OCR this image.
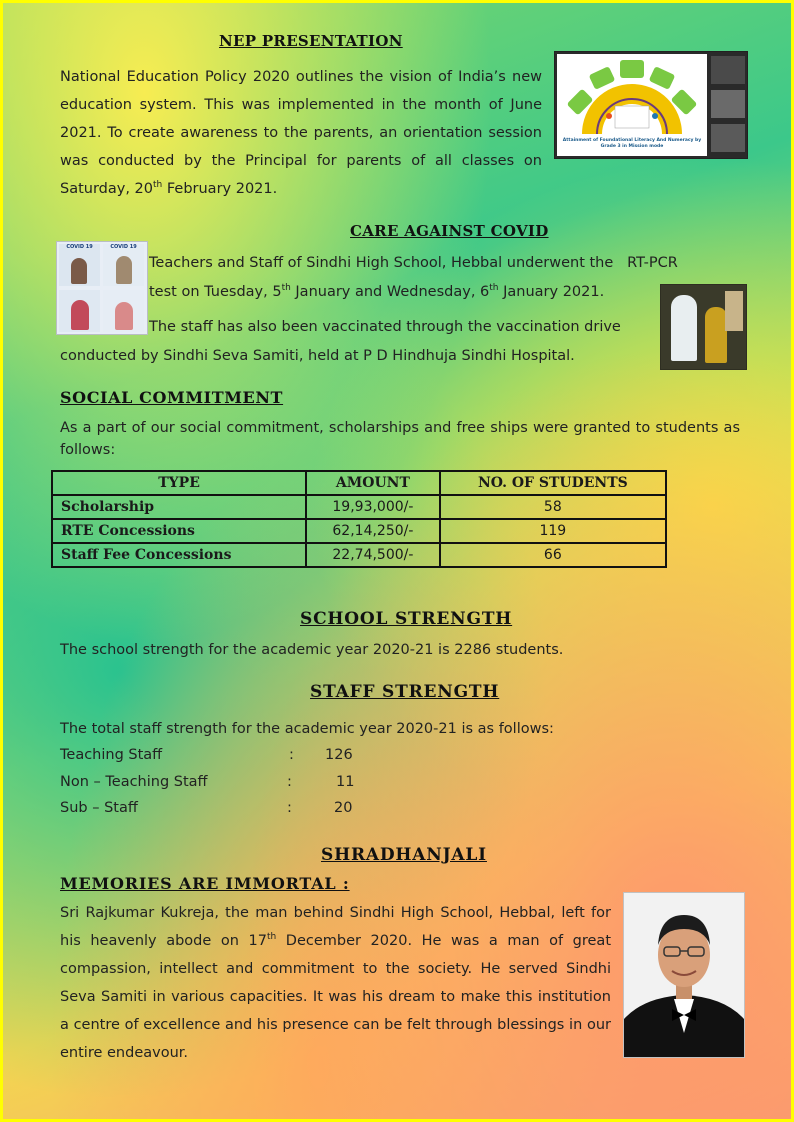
NEP PRESENTATION

National Education Policy 2020 outlines the vision of India’s new education system. This was implemented in the month of June 2021. To create awareness to the parents, an orientation session was conducted by the Principal for parents of all classes on Saturday, 20th February 2021.

Attainment of Foundational Literacy And Numeracy by Grade 3 in Mission mode
CARE AGAINST COVID
COVID 19	COVID 19
Teachers and Staff of Sindhi High School, Hebbal underwent the   RT-PCR
test on Tuesday, 5th January and Wednesday, 6th January 2021.
The staff has also been vaccinated through the vaccination drive
conducted by Sindhi Seva Samiti, held at P D Hindhuja Sindhi Hospital.
SOCIAL COMMITMENT

As a part of our social commitment, scholarships and free ships were granted to students as follows:

TYPE	AMOUNT	NO. OF STUDENTS
Scholarship	19,93,000/-	58
RTE Concessions	62,14,250/-	119
Staff Fee Concessions	22,74,500/-	66
SCHOOL STRENGTH
The school strength for the academic year 2020-21 is 2286 students.
STAFF STRENGTH
The total staff strength for the academic year 2020-21 is as follows:
Teaching Staff	: 126
Non – Teaching Staff	:	11
Sub – Staff	:	20
SHRADHANJALI
MEMORIES ARE IMMORTAL :

Sri Rajkumar Kukreja, the man behind Sindhi High School, Hebbal, left for his heavenly abode on 17th December 2020. He was a man of great compassion, intellect and commitment to the society. He served Sindhi Seva Samiti in various capacities. It was his dream to make this institution a centre of excellence and his presence can be felt through blessings in our entire endeavour.
